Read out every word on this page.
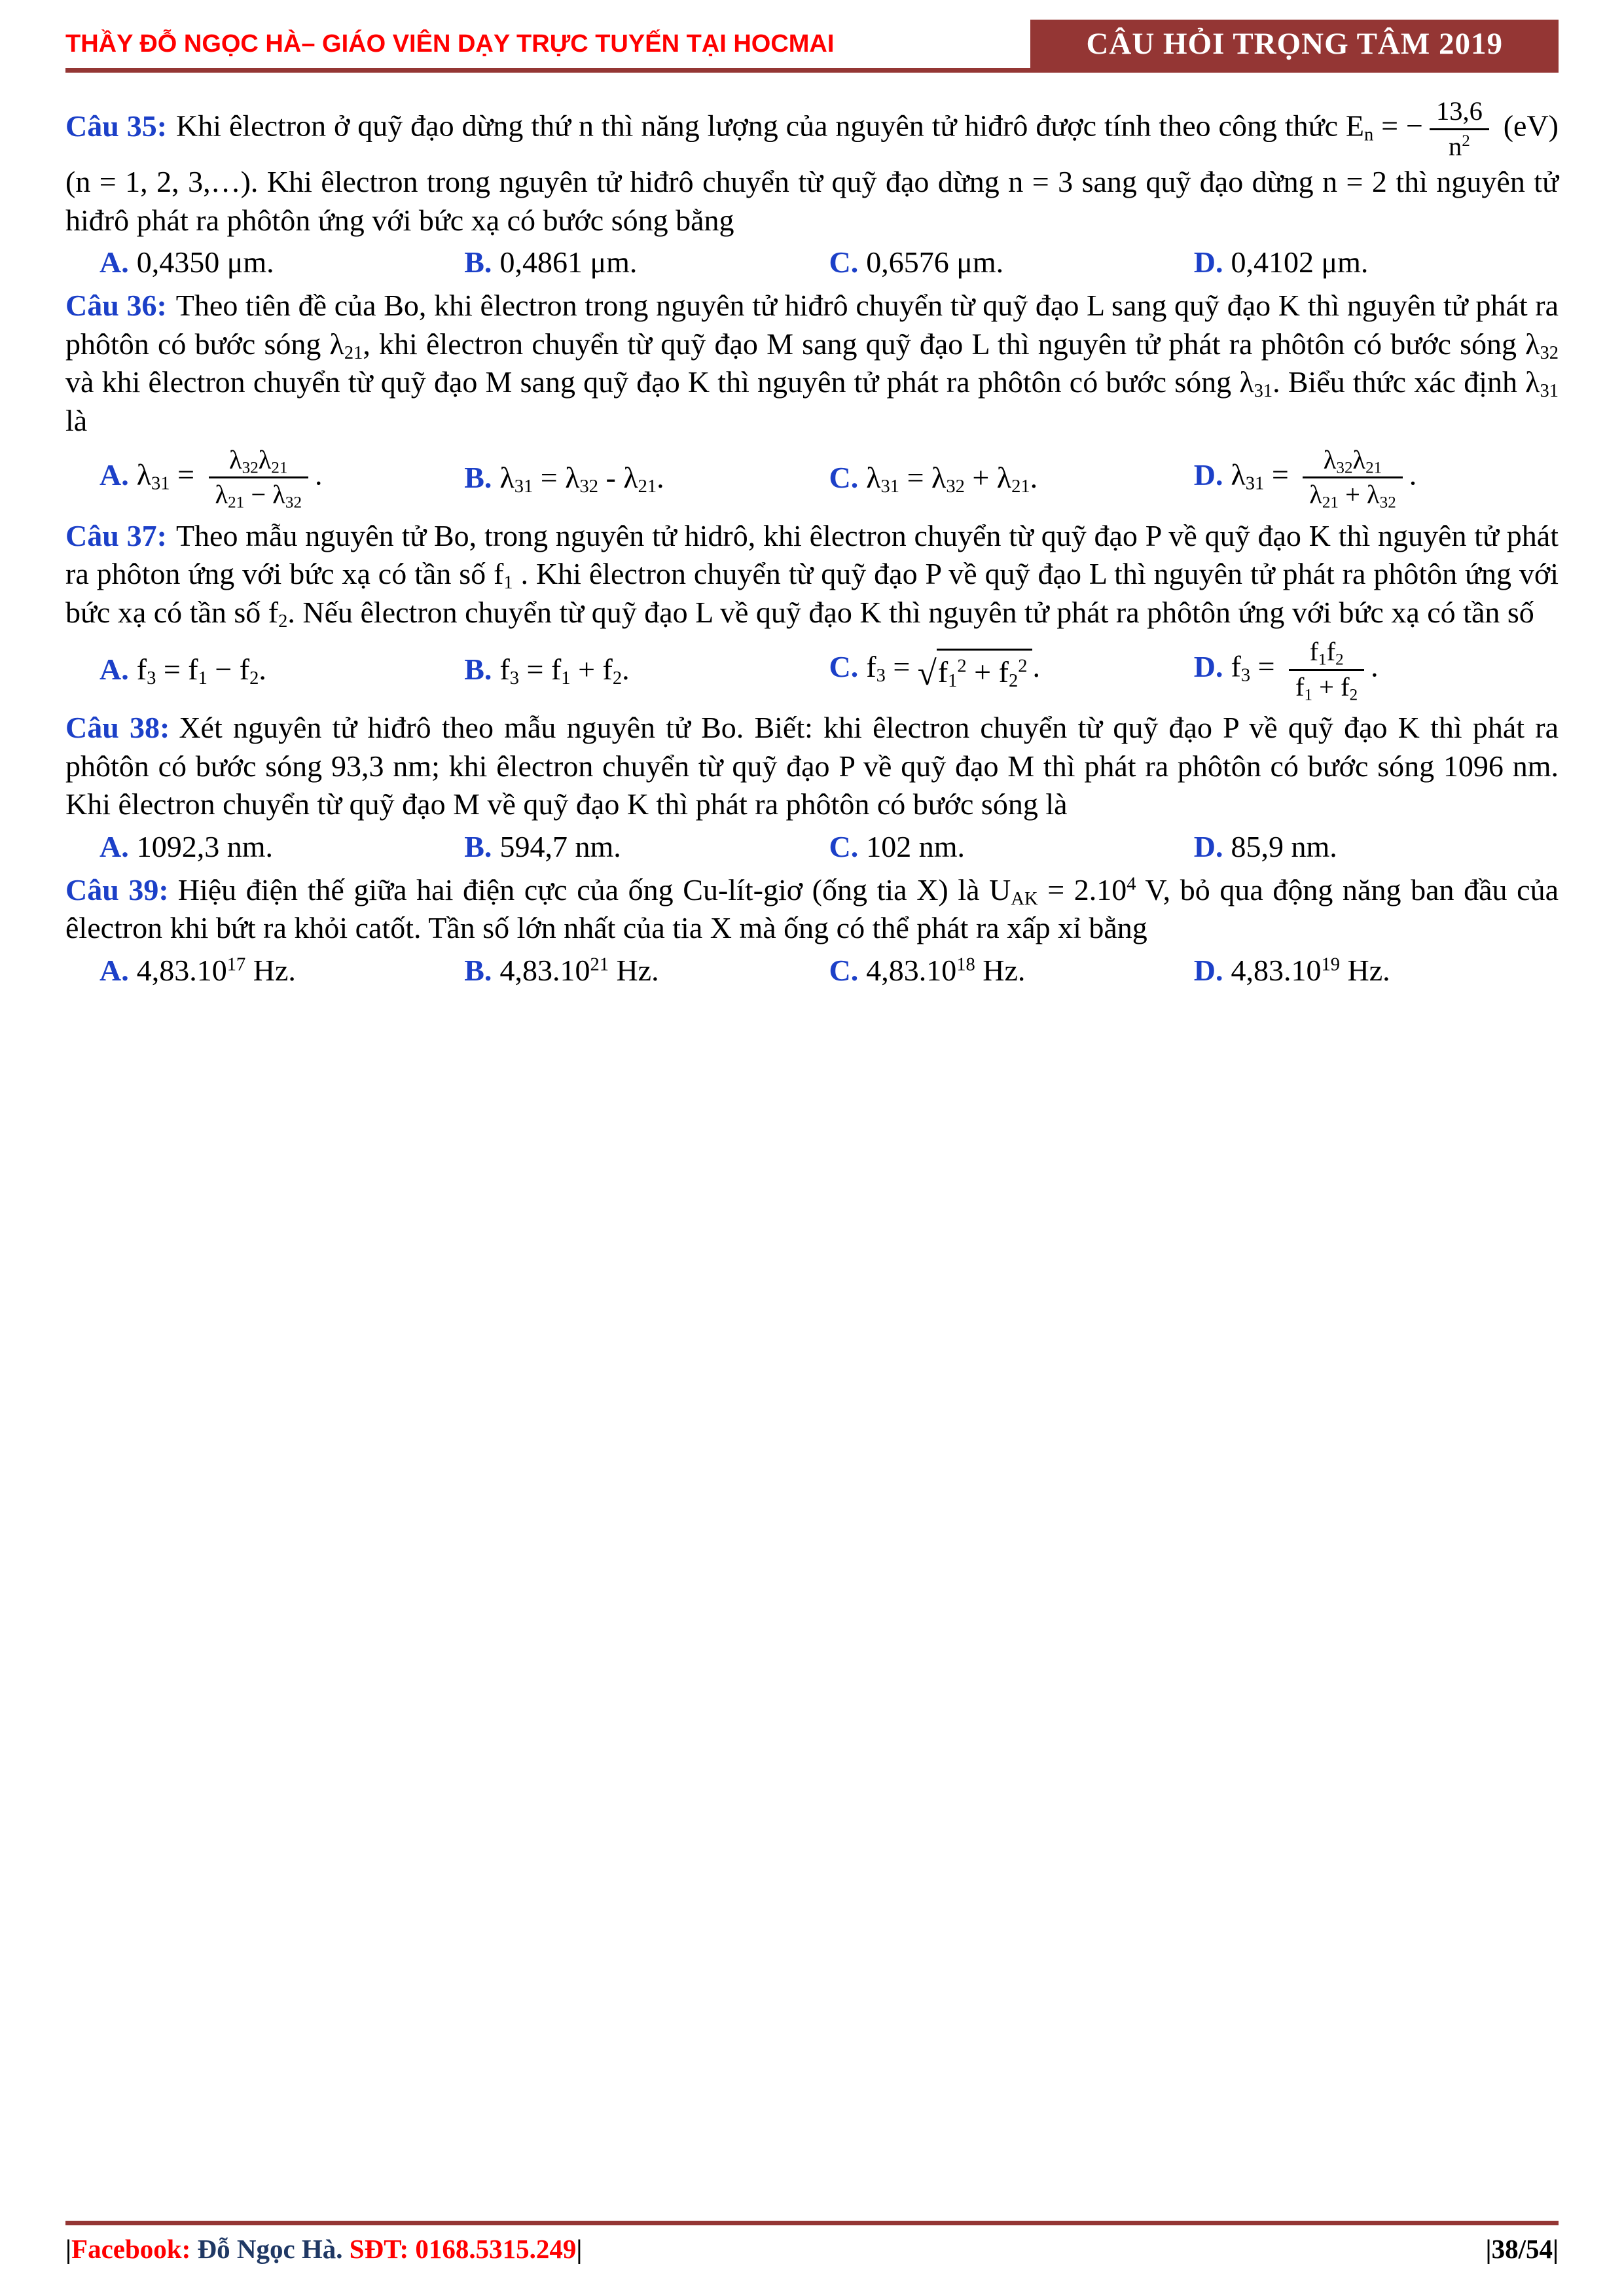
THẦY ĐỖ NGỌC HÀ – GIÁO VIÊN DẠY TRỰC TUYẾN TẠI HOCMAI	CÂU HỎI TRỌNG TÂM 2019

Câu 35: Khi êlectron ở quỹ đạo dừng thứ n thì năng lượng của nguyên tử hiđrô được tính theo công thức $E_n$ = − $\frac{13,6}{n^2} (eV) (n = 1$, 2, 3,…). Khi êlectron trong nguyên tử hiđrô chuyển từ quỹ đạo dừng n = 3 sang quỹ đạo dừng n = 2 thì nguyên tử hiđrô phát ra phôtôn ứng với bức xạ có bước sóng bằng

A. 0,4350 μm.	B. 0,4861 μm.	C. 0,6576 μm.	D. 0,4102 μm.

Câu 36: Theo tiên đề của Bo, khi êlectron trong nguyên tử hiđrô chuyển từ quỹ đạo L sang quỹ đạo K thì nguyên tử phát ra phôtôn có bước sóng $\lambda_{21}$, khi êlectron chuyển từ quỹ đạo M sang quỹ đạo L thì nguyên tử phát ra phôtôn có bước sóng $\lambda_{32}$ và khi êlectron chuyển từ quỹ đạo M sang quỹ đạo K thì nguyên tử phát ra phôtôn có bước sóng $\lambda_{31}$. Biểu thức xác định $\lambda_{31}$ là

A. $\lambda_{31} = \frac{\lambda_{32}\lambda_{21}}{\lambda_{21} - \lambda_{32}}$ .	B. $\lambda_{31} = \lambda_{32} - \lambda_{21}$.	C. $\lambda_{31} = \lambda_{32} + \lambda_{21}$.	D. $\lambda_{31} = \frac{\lambda_{32}\lambda_{21}}{\lambda_{21} + \lambda_{32}}$ .

Câu 37: Theo mẫu nguyên tử Bo, trong nguyên tử hidrô, khi êlectron chuyển từ quỹ đạo P về quỹ đạo K thì nguyên tử phát ra phôton ứng với bức xạ có tần số $f_1$ . Khi êlectron chuyển từ quỹ đạo P về quỹ đạo L thì nguyên tử phát ra phôtôn ứng với bức xạ có tần số $f_2$. Nếu êlectron chuyển từ quỹ đạo L về quỹ đạo K thì nguyên tử phát ra phôtôn ứng với bức xạ có tần số

A. $f_3 = f_1 - f_2$.	B. $f_3 = f_1 + f_2$.	C. $f_3$ = √ $f_1^2 + f_2^2$ .	D. $f_3 = \frac{f_1f_2}{f_1 + f_2}$ .

Câu 38: Xét nguyên tử hiđrô theo mẫu nguyên tử Bo. Biết: khi êlectron chuyển từ quỹ đạo P về quỹ đạo K thì phát ra phôtôn có bước sóng 93,3 nm; khi êlectron chuyển từ quỹ đạo P về quỹ đạo M thì phát ra phôtôn có bước sóng 1096 nm. Khi êlectron chuyển từ quỹ đạo M về quỹ đạo K thì phát ra phôtôn có bước sóng là

A. 1092,3 nm.	B. 594,7 nm.	C. 102 nm.	D. 85,9 nm.

Câu 39: Hiệu điện thế giữa hai điện cực của ống Cu-lít-giơ (ống tia X) là $U_{AK} = 2.10^4$ V, bỏ qua động năng ban đầu của êlectron khi bứt ra khỏi catốt. Tần số lớn nhất của tia X mà ống có thể phát ra xấp xỉ bằng

A. 4,83.10$^{17}$ Hz.	B. 4,83.10$^{21}$ Hz.	C. 4,83.10$^{18}$ Hz.	D. 4,83.10$^{19}$ Hz.
|Facebook: Đỗ Ngọc Hà. SĐT: 0168.5315.249|	|38/54|
